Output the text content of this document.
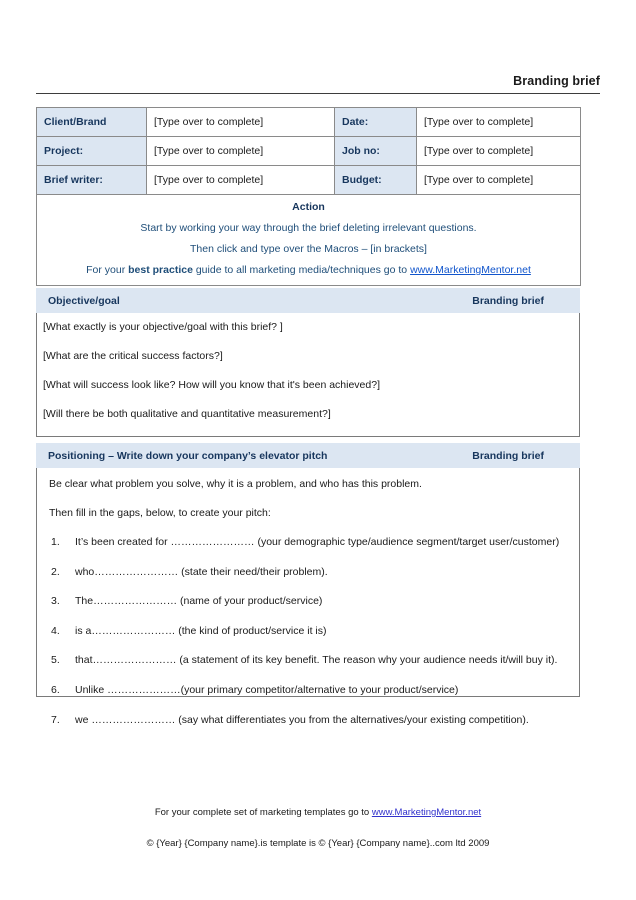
Branding brief
Client/Brand	[Type over to complete]	Date:	[Type over to complete]
Project:	[Type over to complete]	Job no:	[Type over to complete]
Brief writer:	[Type over to complete]	Budget:	[Type over to complete]

Action
Start by working your way through the brief deleting irrelevant questions.
Then click and type over the Macros – [in brackets]
For your best practice guide to all marketing media/techniques go to www.MarketingMentor.net			
Objective/goal	Branding brief
[What exactly is your objective/goal with this brief? ]
[What are the critical success factors?]
[What will success look like? How will you know that it's been achieved?]
[Will there be both qualitative and quantitative measurement?]
Positioning – Write down your company’s elevator pitch	Branding brief

Be clear what problem you solve, why it is a problem, and who has this problem.

Then fill in the gaps, below, to create your pitch:

1. It’s been created for …………………… (your demographic type/audience segment/target user/customer)
2. who…………………… (state their need/their problem).
3. The…………………… (name of your product/service)
4. is a…………………… (the kind of product/service it is)
5. that…………………… (a statement of its key benefit. The reason why your audience needs it/will buy it).
6. Unlike …………………(your primary competitor/alternative to your product/service)
7. we …………………… (say what differentiates you from the alternatives/your existing competition).
For your complete set of marketing templates go to www.MarketingMentor.net
© {Year} {Company name}.is template is © {Year} {Company name}..com ltd 2009
